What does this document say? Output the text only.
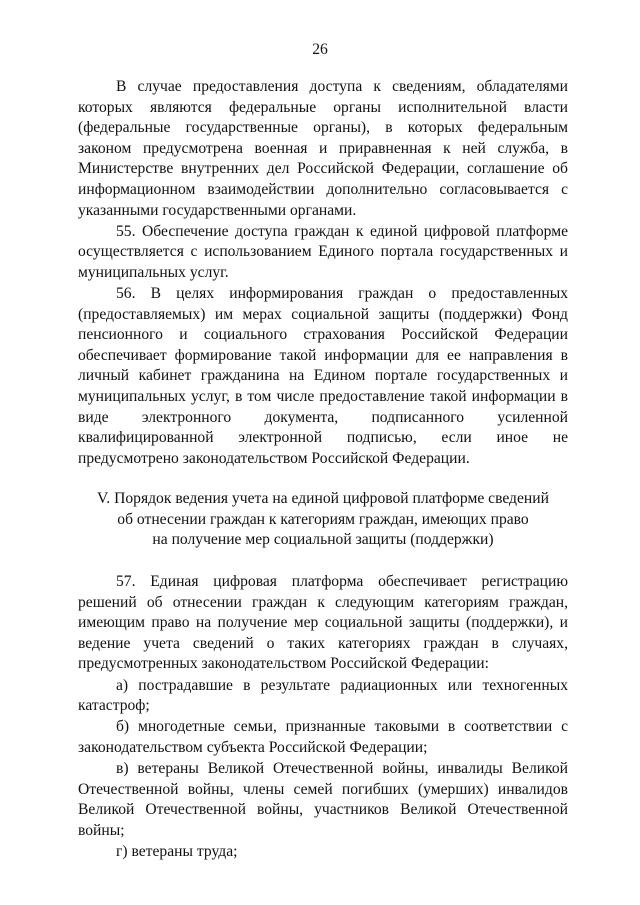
26

В случае предоставления доступа к сведениям, обладателями которых являются федеральные органы исполнительной власти (федеральные государственные органы), в которых федеральным законом предусмотрена военная и приравненная к ней служба, в Министерстве внутренних дел Российской Федерации, соглашение об информационном взаимодействии дополнительно согласовывается с указанными государственными органами.

55. Обеспечение доступа граждан к единой цифровой платформе осуществляется с использованием Единого портала государственных и муниципальных услуг.

56. В целях информирования граждан о предоставленных (предоставляемых) им мерах социальной защиты (поддержки) Фонд пенсионного и социального страхования Российской Федерации обеспечивает формирование такой информации для ее направления в личный кабинет гражданина на Едином портале государственных и муниципальных услуг, в том числе предоставление такой информации в виде электронного документа, подписанного усиленной квалифицированной электронной подписью, если иное не предусмотрено законодательством Российской Федерации.

V. Порядок ведения учета на единой цифровой платформе сведений
об отнесении граждан к категориям граждан, имеющих право
на получение мер социальной защиты (поддержки)

57. Единая цифровая платформа обеспечивает регистрацию решений об отнесении граждан к следующим категориям граждан, имеющим право на получение мер социальной защиты (поддержки), и ведение учета сведений о таких категориях граждан в случаях, предусмотренных законодательством Российской Федерации:

а) пострадавшие в результате радиационных или техногенных катастроф;

б) многодетные семьи, признанные таковыми в соответствии с законодательством субъекта Российской Федерации;

в) ветераны Великой Отечественной войны, инвалиды Великой Отечественной войны, члены семей погибших (умерших) инвалидов Великой Отечественной войны, участников Великой Отечественной войны;

г) ветераны труда;
